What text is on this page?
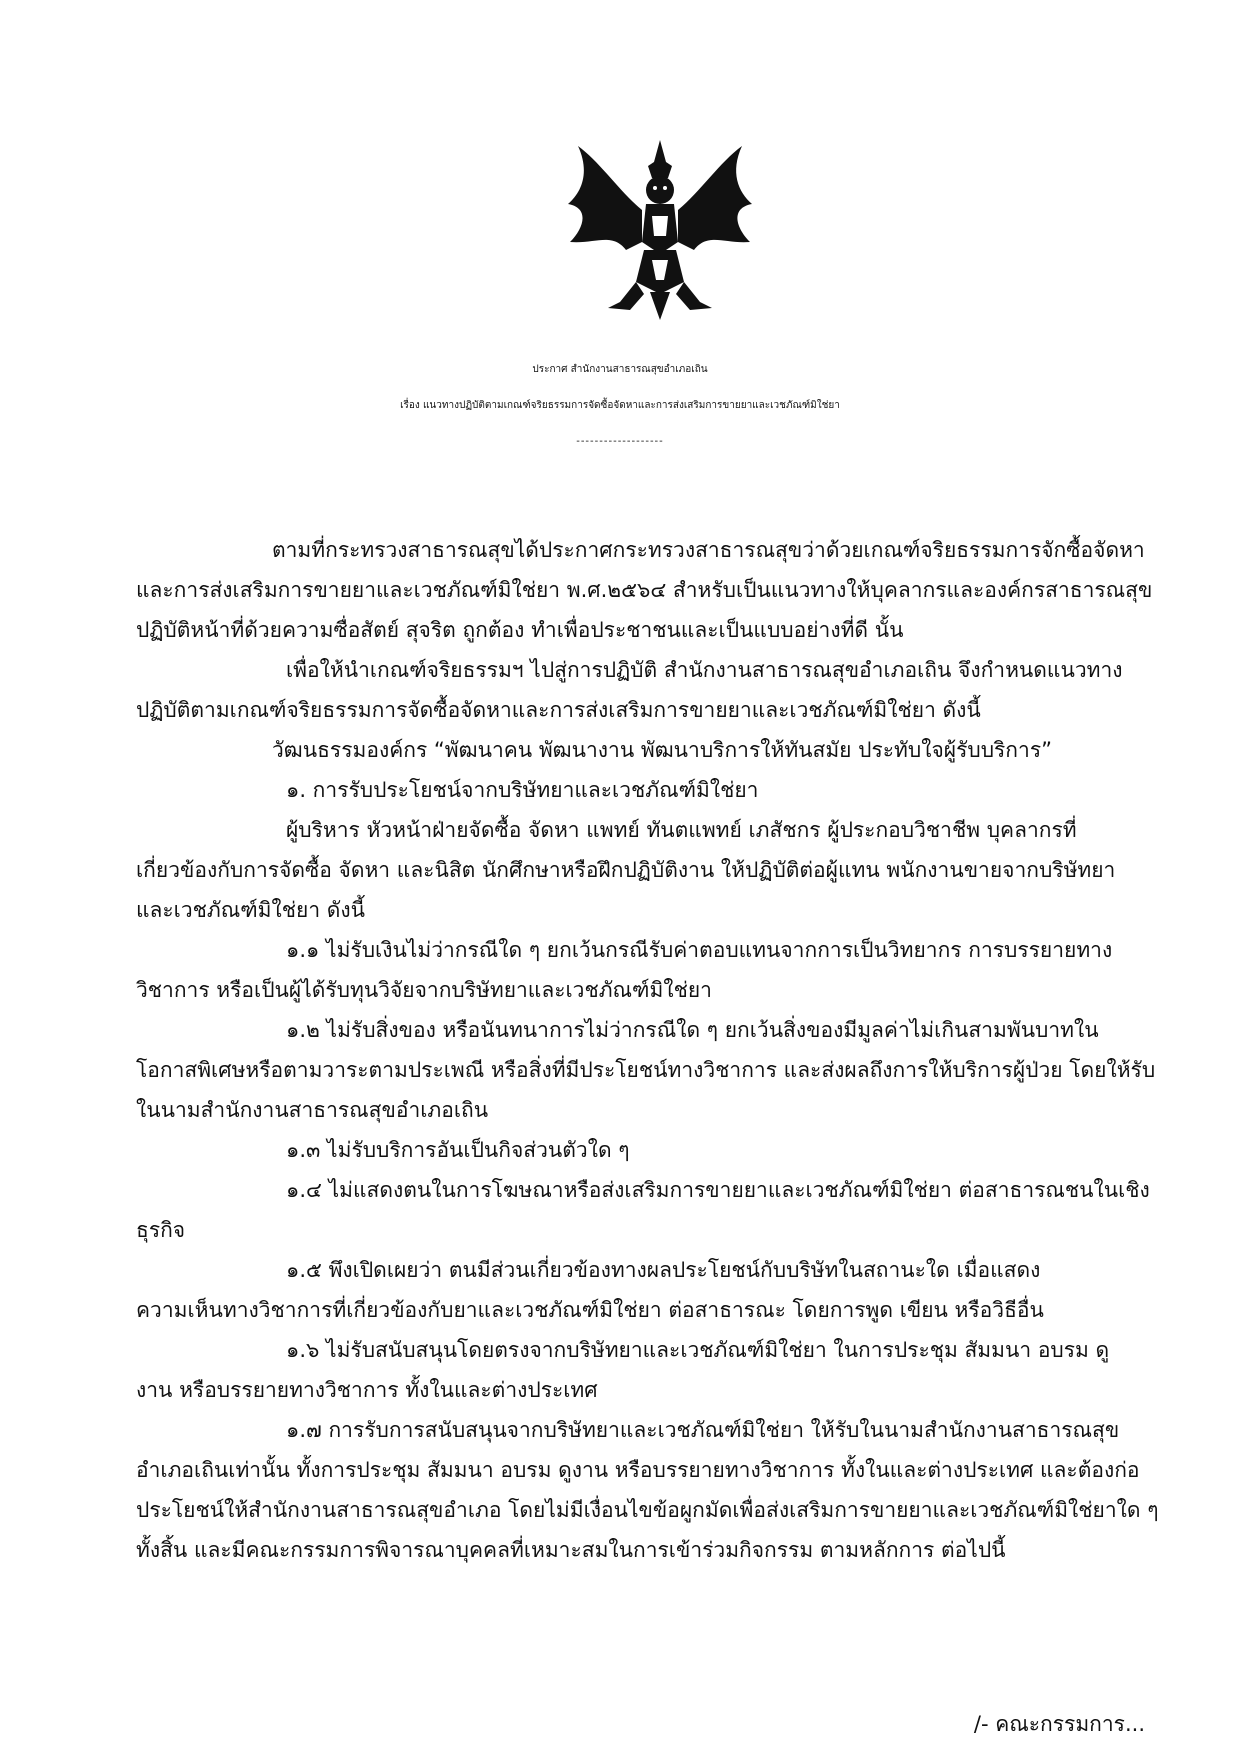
ประกาศ สำนักงานสาธารณสุขอำเภอเถิน
เรื่อง แนวทางปฏิบัติตามเกณฑ์จริยธรรมการจัดซื้อจัดหาและการส่งเสริมการขายยาและเวชภัณฑ์มิใช่ยา
-------------------
ตามที่กระทรวงสาธารณสุขได้ประกาศกระทรวงสาธารณสุขว่าด้วยเกณฑ์จริยธรรมการจักซื้อจัดหา
และการส่งเสริมการขายยาและเวชภัณฑ์มิใช่ยา พ.ศ.๒๕๖๔ สำหรับเป็นแนวทางให้บุคลากรและองค์กรสาธารณสุข
ปฏิบัติหน้าที่ด้วยความซื่อสัตย์ สุจริต ถูกต้อง ทำเพื่อประชาชนและเป็นแบบอย่างที่ดี นั้น
เพื่อให้นำเกณฑ์จริยธรรมฯ ไปสู่การปฏิบัติ สำนักงานสาธารณสุขอำเภอเถิน จึงกำหนดแนวทาง
ปฏิบัติตามเกณฑ์จริยธรรมการจัดซื้อจัดหาและการส่งเสริมการขายยาและเวชภัณฑ์มิใช่ยา ดังนี้
วัฒนธรรมองค์กร “พัฒนาคน พัฒนางาน พัฒนาบริการให้ทันสมัย ประทับใจผู้รับบริการ”
๑. การรับประโยชน์จากบริษัทยาและเวชภัณฑ์มิใช่ยา
ผู้บริหาร หัวหน้าฝ่ายจัดซื้อ จัดหา แพทย์ ทันตแพทย์ เภสัชกร ผู้ประกอบวิชาชีพ บุคลากรที่
เกี่ยวข้องกับการจัดซื้อ จัดหา และนิสิต นักศึกษาหรือฝึกปฏิบัติงาน ให้ปฏิบัติต่อผู้แทน พนักงานขายจากบริษัทยา
และเวชภัณฑ์มิใช่ยา ดังนี้
๑.๑ ไม่รับเงินไม่ว่ากรณีใด ๆ ยกเว้นกรณีรับค่าตอบแทนจากการเป็นวิทยากร การบรรยายทาง
วิชาการ หรือเป็นผู้ได้รับทุนวิจัยจากบริษัทยาและเวชภัณฑ์มิใช่ยา
๑.๒ ไม่รับสิ่งของ หรือนันทนาการไม่ว่ากรณีใด ๆ ยกเว้นสิ่งของมีมูลค่าไม่เกินสามพันบาทใน
โอกาสพิเศษหรือตามวาระตามประเพณี หรือสิ่งที่มีประโยชน์ทางวิชาการ และส่งผลถึงการให้บริการผู้ป่วย โดยให้รับ
ในนามสำนักงานสาธารณสุขอำเภอเถิน
๑.๓ ไม่รับบริการอันเป็นกิจส่วนตัวใด ๆ
๑.๔ ไม่แสดงตนในการโฆษณาหรือส่งเสริมการขายยาและเวชภัณฑ์มิใช่ยา ต่อสาธารณชนในเชิง
ธุรกิจ
๑.๕ พึงเปิดเผยว่า ตนมีส่วนเกี่ยวข้องทางผลประโยชน์กับบริษัทในสถานะใด เมื่อแสดง
ความเห็นทางวิชาการที่เกี่ยวข้องกับยาและเวชภัณฑ์มิใช่ยา ต่อสาธารณะ โดยการพูด เขียน หรือวิธีอื่น
๑.๖ ไม่รับสนับสนุนโดยตรงจากบริษัทยาและเวชภัณฑ์มิใช่ยา ในการประชุม สัมมนา อบรม ดู
งาน หรือบรรยายทางวิชาการ ทั้งในและต่างประเทศ
๑.๗ การรับการสนับสนุนจากบริษัทยาและเวชภัณฑ์มิใช่ยา ให้รับในนามสำนักงานสาธารณสุข
อำเภอเถินเท่านั้น ทั้งการประชุม สัมมนา อบรม ดูงาน หรือบรรยายทางวิชาการ ทั้งในและต่างประเทศ และต้องก่อ
ประโยชน์ให้สำนักงานสาธารณสุขอำเภอ โดยไม่มีเงื่อนไขข้อผูกมัดเพื่อส่งเสริมการขายยาและเวชภัณฑ์มิใช่ยาใด ๆ
ทั้งสิ้น และมีคณะกรรมการพิจารณาบุคคลที่เหมาะสมในการเข้าร่วมกิจกรรม ตามหลักการ ต่อไปนี้
/- คณะกรรมการ...
